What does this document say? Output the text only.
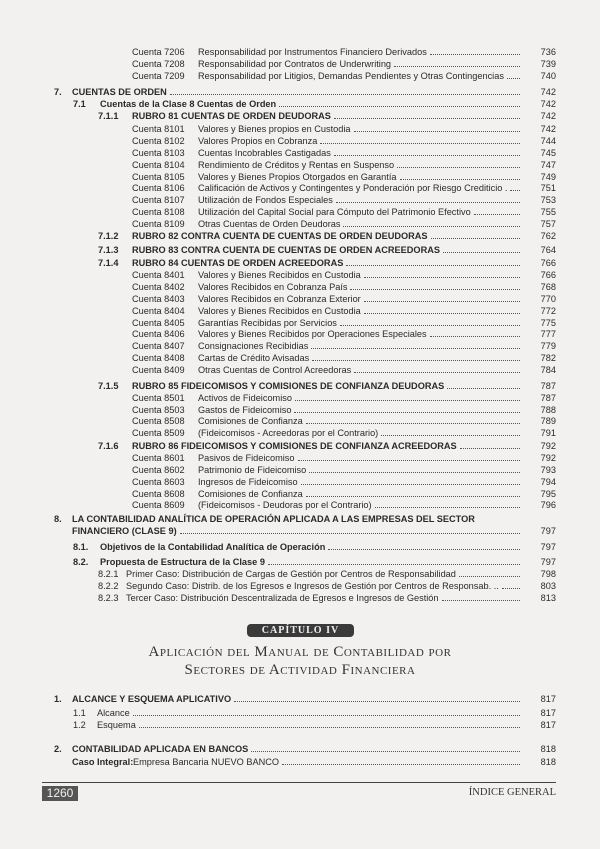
Cuenta 7206 Responsabilidad por Instrumentos Financiero Derivados	736
Cuenta 7208 Responsabilidad por Contratos de Underwriting	739
Cuenta 7209 Responsabilidad por Litigios, Demandas Pendientes y Otras Contingencias	740
7. CUENTAS DE ORDEN	742
7.1 Cuentas de la Clase 8 Cuentas de Orden	742
7.1.1 RUBRO 81 CUENTAS DE ORDEN DEUDORAS	742
Cuenta 8101 Valores y Bienes propios en Custodia	742
Cuenta 8102 Valores Propios en Cobranza	744
Cuenta 8103 Cuentas Incobrables Castigadas	745
Cuenta 8104 Rendimiento de Créditos y Rentas en Suspenso	747
Cuenta 8105 Valores y Bienes Propios Otorgados en Garantía	749
Cuenta 8106 Calificación de Activos y Contingentes y Ponderación por Riesgo Crediticio .	751
Cuenta 8107 Utilización de Fondos Especiales	753
Cuenta 8108 Utilización del Capital Social para Cómputo del Patrimonio Efectivo	755
Cuenta 8109 Otras Cuentas de Orden Deudoras	757
7.1.2 RUBRO 82 CONTRA CUENTA DE CUENTAS DE ORDEN DEUDORAS	762
7.1.3 RUBRO 83 CONTRA CUENTA DE CUENTAS DE ORDEN ACREEDORAS	764
7.1.4 RUBRO 84 CUENTAS DE ORDEN ACREEDORAS	766
Cuenta 8401 Valores y Bienes Recibidos en Custodia	766
Cuenta 8402 Valores Recibidos en Cobranza País	768
Cuenta 8403 Valores Recibidos en Cobranza Exterior	770
Cuenta 8404 Valores y Bienes Recibidos en Custodia	772
Cuenta 8405 Garantías Recibidas por Servicios	775
Cuenta 8406 Valores y Bienes Recibidos por Operaciones Especiales	777
Cuenta 8407 Consignaciones Recibidias	779
Cuenta 8408 Cartas de Crédito Avisadas	782
Cuenta 8409 Otras Cuentas de Control Acreedoras	784
7.1.5 RUBRO 85 FIDEICOMISOS Y COMISIONES DE CONFIANZA DEUDORAS	787
Cuenta 8501 Activos de Fideicomiso	787
Cuenta 8503 Gastos de Fideicomiso	788
Cuenta 8508 Comisiones de Confianza	789
Cuenta 8509 (Fideicomisos - Acreedoras por el Contrario)	791
7.1.6 RUBRO 86 FIDEICOMISOS Y COMISIONES DE CONFIANZA ACREEDORAS	792
Cuenta 8601 Pasivos de Fideicomiso	792
Cuenta 8602 Patrimonio de Fideicomiso	793
Cuenta 8603 Ingresos de Fideicomiso	794
Cuenta 8608 Comisiones de Confianza	795
Cuenta 8609 (Fideicomisos - Deudoras por el Contrario)	796
8. LA CONTABILIDAD ANALÍTICA DE OPERACIÓN APLICADA A LAS EMPRESAS DEL SECTOR
FINANCIERO (CLASE 9)	797
8.1. Objetivos de la Contabilidad Analítica de Operación	797
8.2. Propuesta de Estructura de la Clase 9	797
8.2.1 Primer Caso: Distribución de Cargas de Gestión por Centros de Responsabilidad	798
8.2.2 Segundo Caso: Distrib. de los Egresos e Ingresos de Gestión por Centros de Responsab. ..	803
8.2.3 Tercer Caso: Distribución Descentralizada de Egresos e Ingresos de Gestión	813
1. ALCANCE Y ESQUEMA APLICATIVO	817
1.1 Alcance	817
1.2 Esquema	817
2. CONTABILIDAD APLICADA EN BANCOS	818
Caso Integral: Empresa Bancaria NUEVO BANCO	818
CAPÍTULO IV
Aplicación del Manual de Contabilidad por
Sectores de Actividad Financiera
1260	ÍNDICE GENERAL
